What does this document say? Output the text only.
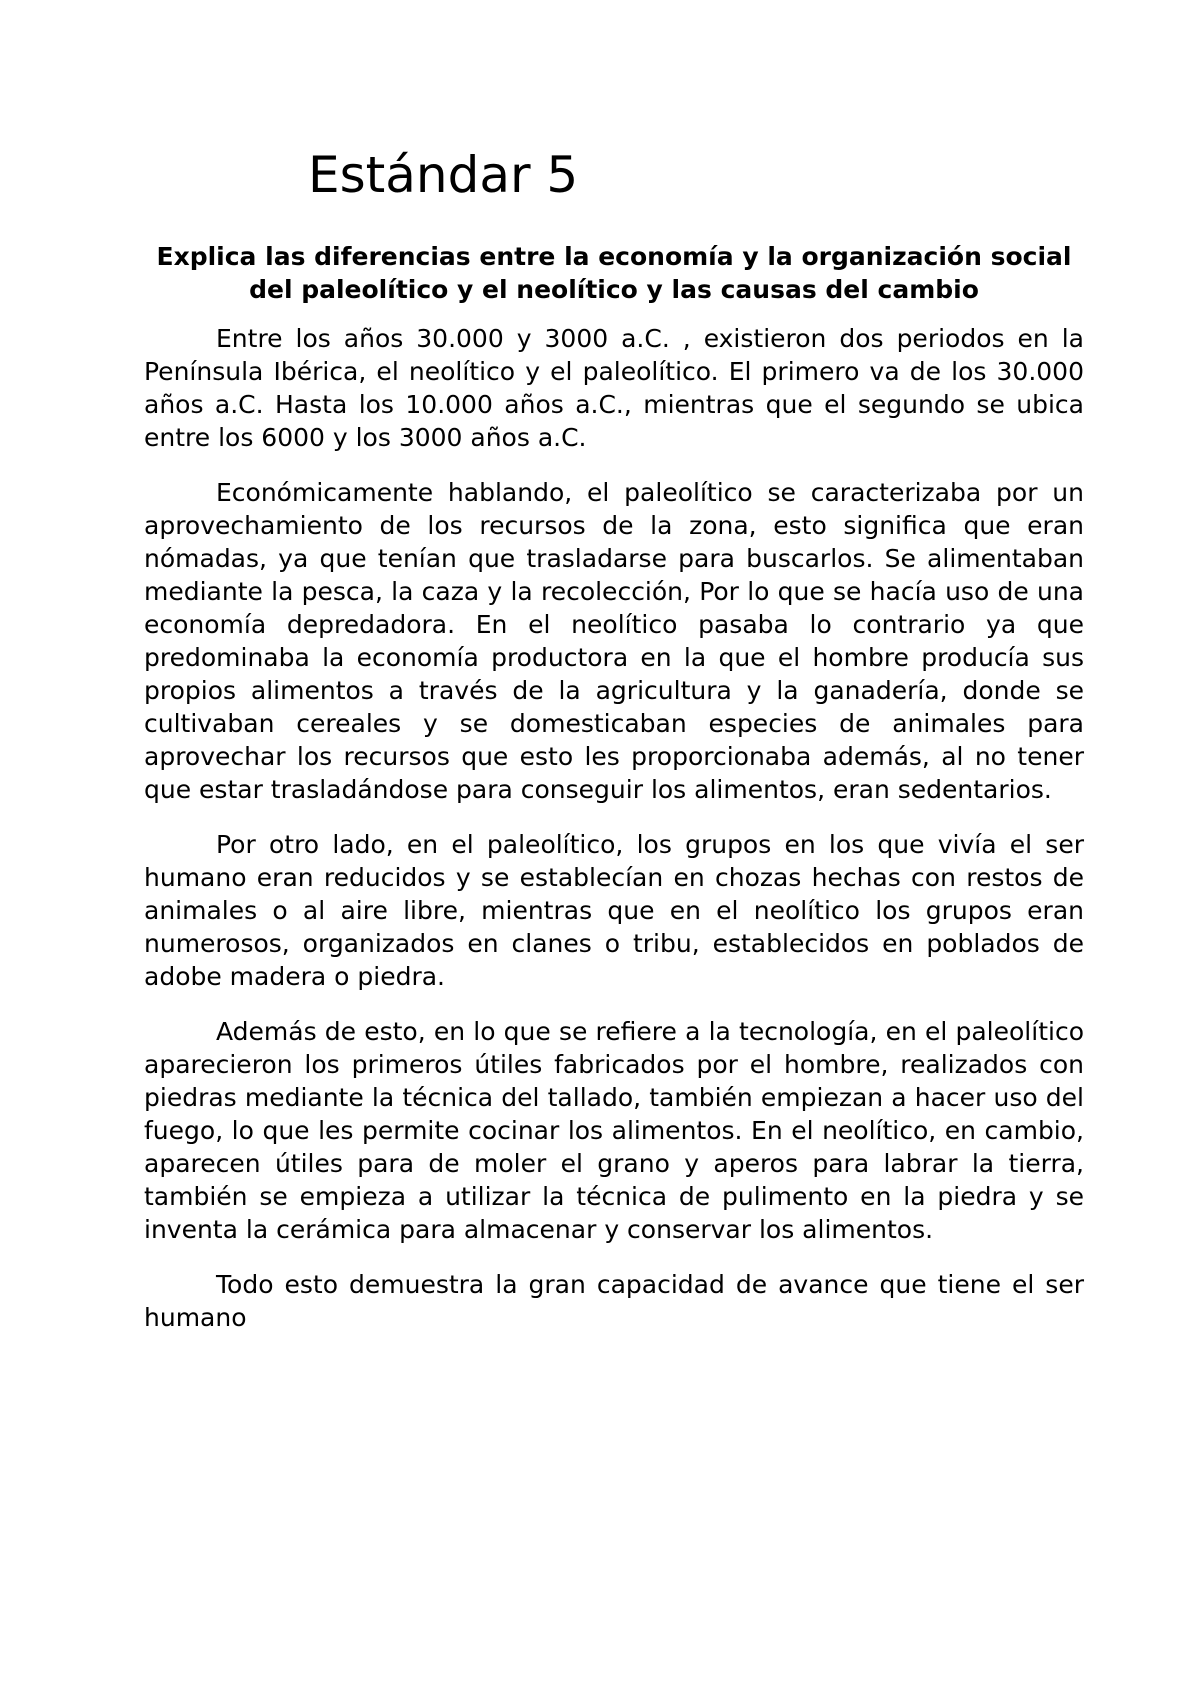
Estándar 5
Explica las diferencias entre la economía y la organización social del paleolítico y el neolítico y las causas del cambio

Entre los años 30.000 y 3000 a.C. , existieron dos periodos en la Península Ibérica, el neolítico y el paleolítico. El primero va de los 30.000 años a.C. Hasta los 10.000 años a.C., mientras que el segundo se ubica entre los 6000 y los 3000 años a.C.

Económicamente hablando, el paleolítico se caracterizaba por un aprovechamiento de los recursos de la zona, esto significa que eran nómadas, ya que tenían que trasladarse para buscarlos. Se alimentaban mediante la pesca, la caza y la recolección, Por lo que se hacía uso de una economía depredadora. En el neolítico pasaba lo contrario ya que predominaba la economía productora en la que el hombre producía sus propios alimentos a través de la agricultura y la ganadería, donde se cultivaban cereales y se domesticaban especies de animales para aprovechar los recursos que esto les proporcionaba además, al no tener que estar trasladándose para conseguir los alimentos, eran sedentarios.

Por otro lado, en el paleolítico, los grupos en los que vivía el ser humano eran reducidos y se establecían en chozas hechas con restos de animales o al aire libre, mientras que en el neolítico los grupos eran numerosos, organizados en clanes o tribu, establecidos en poblados de adobe madera o piedra.

Además de esto, en lo que se refiere a la tecnología, en el paleolítico aparecieron los primeros útiles fabricados por el hombre, realizados con piedras mediante la técnica del tallado, también empiezan a hacer uso del fuego, lo que les permite cocinar los alimentos. En el neolítico, en cambio, aparecen útiles para de moler el grano y aperos para labrar la tierra, también se empieza a utilizar la técnica de pulimento en la piedra y se inventa la cerámica para almacenar y conservar los alimentos.

Todo esto demuestra la gran capacidad de avance que tiene el ser humano
